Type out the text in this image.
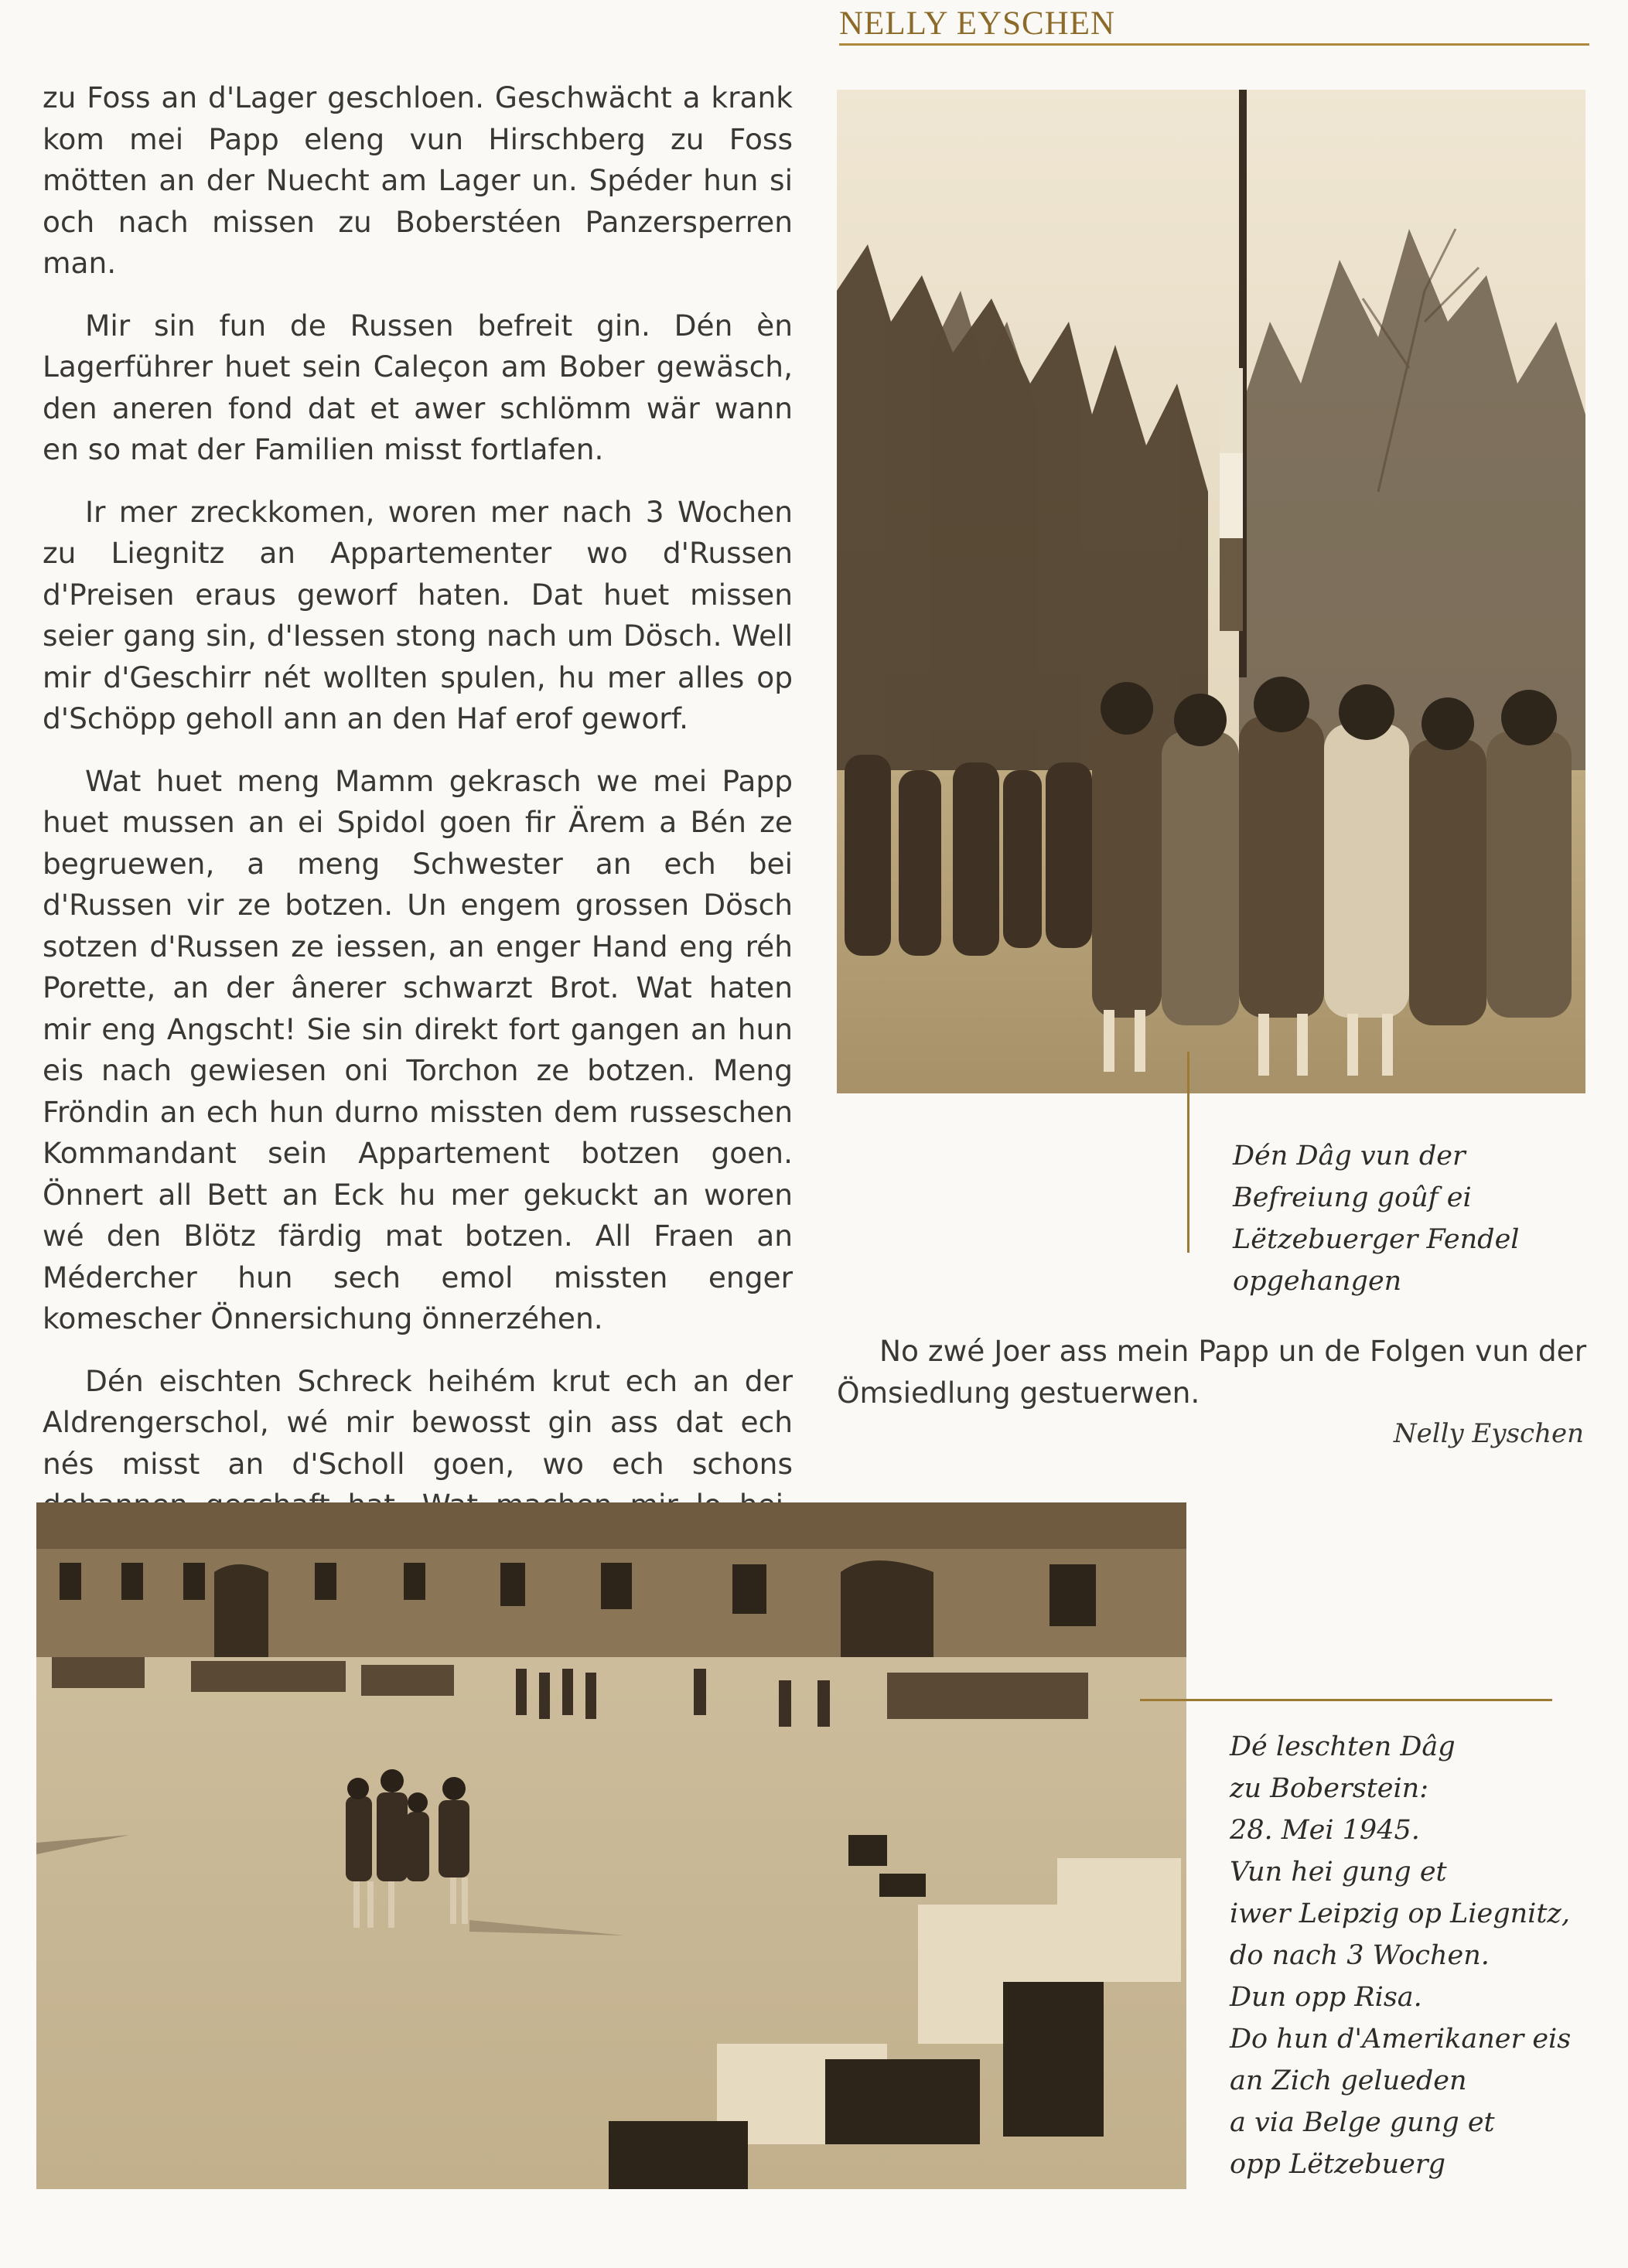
NELLY EYSCHEN

zu Foss an d'Lager geschloen. Geschwächt a krank kom mei Papp eleng vun Hirschberg zu Foss mötten an der Nuecht am Lager un. Spéder hun si och nach missen zu Boberstéen Panzersperren man.

Mir sin fun de Russen befreit gin. Dén èn Lagerführer huet sein Caleçon am Bober gewäsch, den aneren fond dat et awer schlömm wär wann en so mat der Familien misst fortlafen.

Ir mer zreckkomen, woren mer nach 3 Wochen zu Liegnitz an Appartementer wo d'Russen d'Preisen eraus geworf haten. Dat huet missen seier gang sin, d'Iessen stong nach um Dösch. Well mir d'Geschirr nét wollten spulen, hu mer alles op d'Schöpp geholl ann an den Haf erof geworf.

Wat huet meng Mamm gekrasch we mei Papp huet mussen an ei Spidol goen fir Ärem a Bén ze begruewen, a meng Schwester an ech bei d'Russen vir ze botzen. Un engem grossen Dösch sotzen d'Russen ze iessen, an enger Hand eng réh Porette, an der ânerer schwarzt Brot. Wat haten mir eng Angscht! Sie sin direkt fort gangen an hun eis nach gewiesen oni Torchon ze botzen. Meng Fröndin an ech hun durno missten dem russeschen Kommandant sein Appartement botzen goen. Önnert all Bett an Eck hu mer gekuckt an woren wé den Blötz färdig mat botzen. All Fraen an Médercher hun sech emol missten enger komescher Önnersichung önnerzéhen.

Dén eischten Schreck heihém krut ech an der Aldrengerschol, wé mir bewosst gin ass dat ech nés misst an d'Scholl goen, wo ech schons

Dén Dâg vun der Befreiung goûf ei Lëtzebuerger Fendel opgehangen

No zwé Joer ass mein Papp un de Folgen vun der Ömsiedlung gestuerwen.

Nelly Eyschen
Dé leschten Dâg
zu Boberstein:
28. Mei 1945.
Vun hei gung et
iwer Leipzig op Liegnitz,
do nach 3 Wochen.
Dun opp Risa.
Do hun d'Amerikaner eis
an Zich gelueden
a via Belge gung et
opp Lëtzebuerg
